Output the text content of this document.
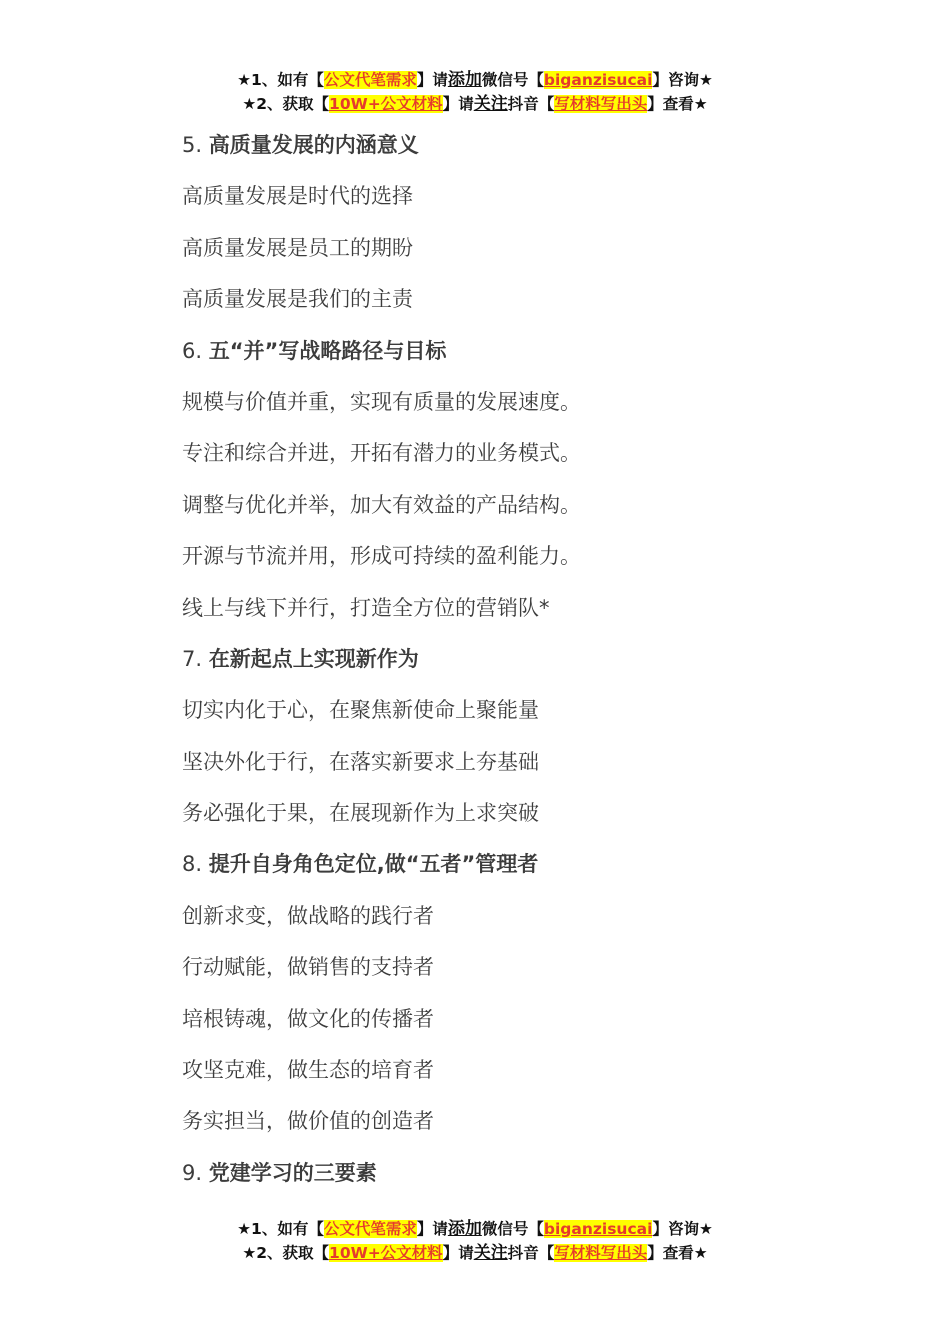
★1、如有【公文代笔需求】请添加微信号【biganzisucai】咨询★
★2、获取【10W+公文材料】请关注抖音【写材料写出头】查看★

5. 高质量发展的内涵意义

高质量发展是时代的选择

高质量发展是员工的期盼

高质量发展是我们的主责

6. 五“并”写战略路径与目标

规模与价值并重，实现有质量的发展速度。

专注和综合并进，开拓有潜力的业务模式。

调整与优化并举，加大有效益的产品结构。

开源与节流并用，形成可持续的盈利能力。

线上与线下并行，打造全方位的营销队*

7. 在新起点上实现新作为

切实内化于心，在聚焦新使命上聚能量

坚决外化于行，在落实新要求上夯基础

务必强化于果，在展现新作为上求突破

8. 提升自身角色定位,做“五者”管理者

创新求变，做战略的践行者

行动赋能，做销售的支持者

培根铸魂，做文化的传播者

攻坚克难，做生态的培育者

务实担当，做价值的创造者

9. 党建学习的三要素

★1、如有【公文代笔需求】请添加微信号【biganzisucai】咨询★
★2、获取【10W+公文材料】请关注抖音【写材料写出头】查看★
